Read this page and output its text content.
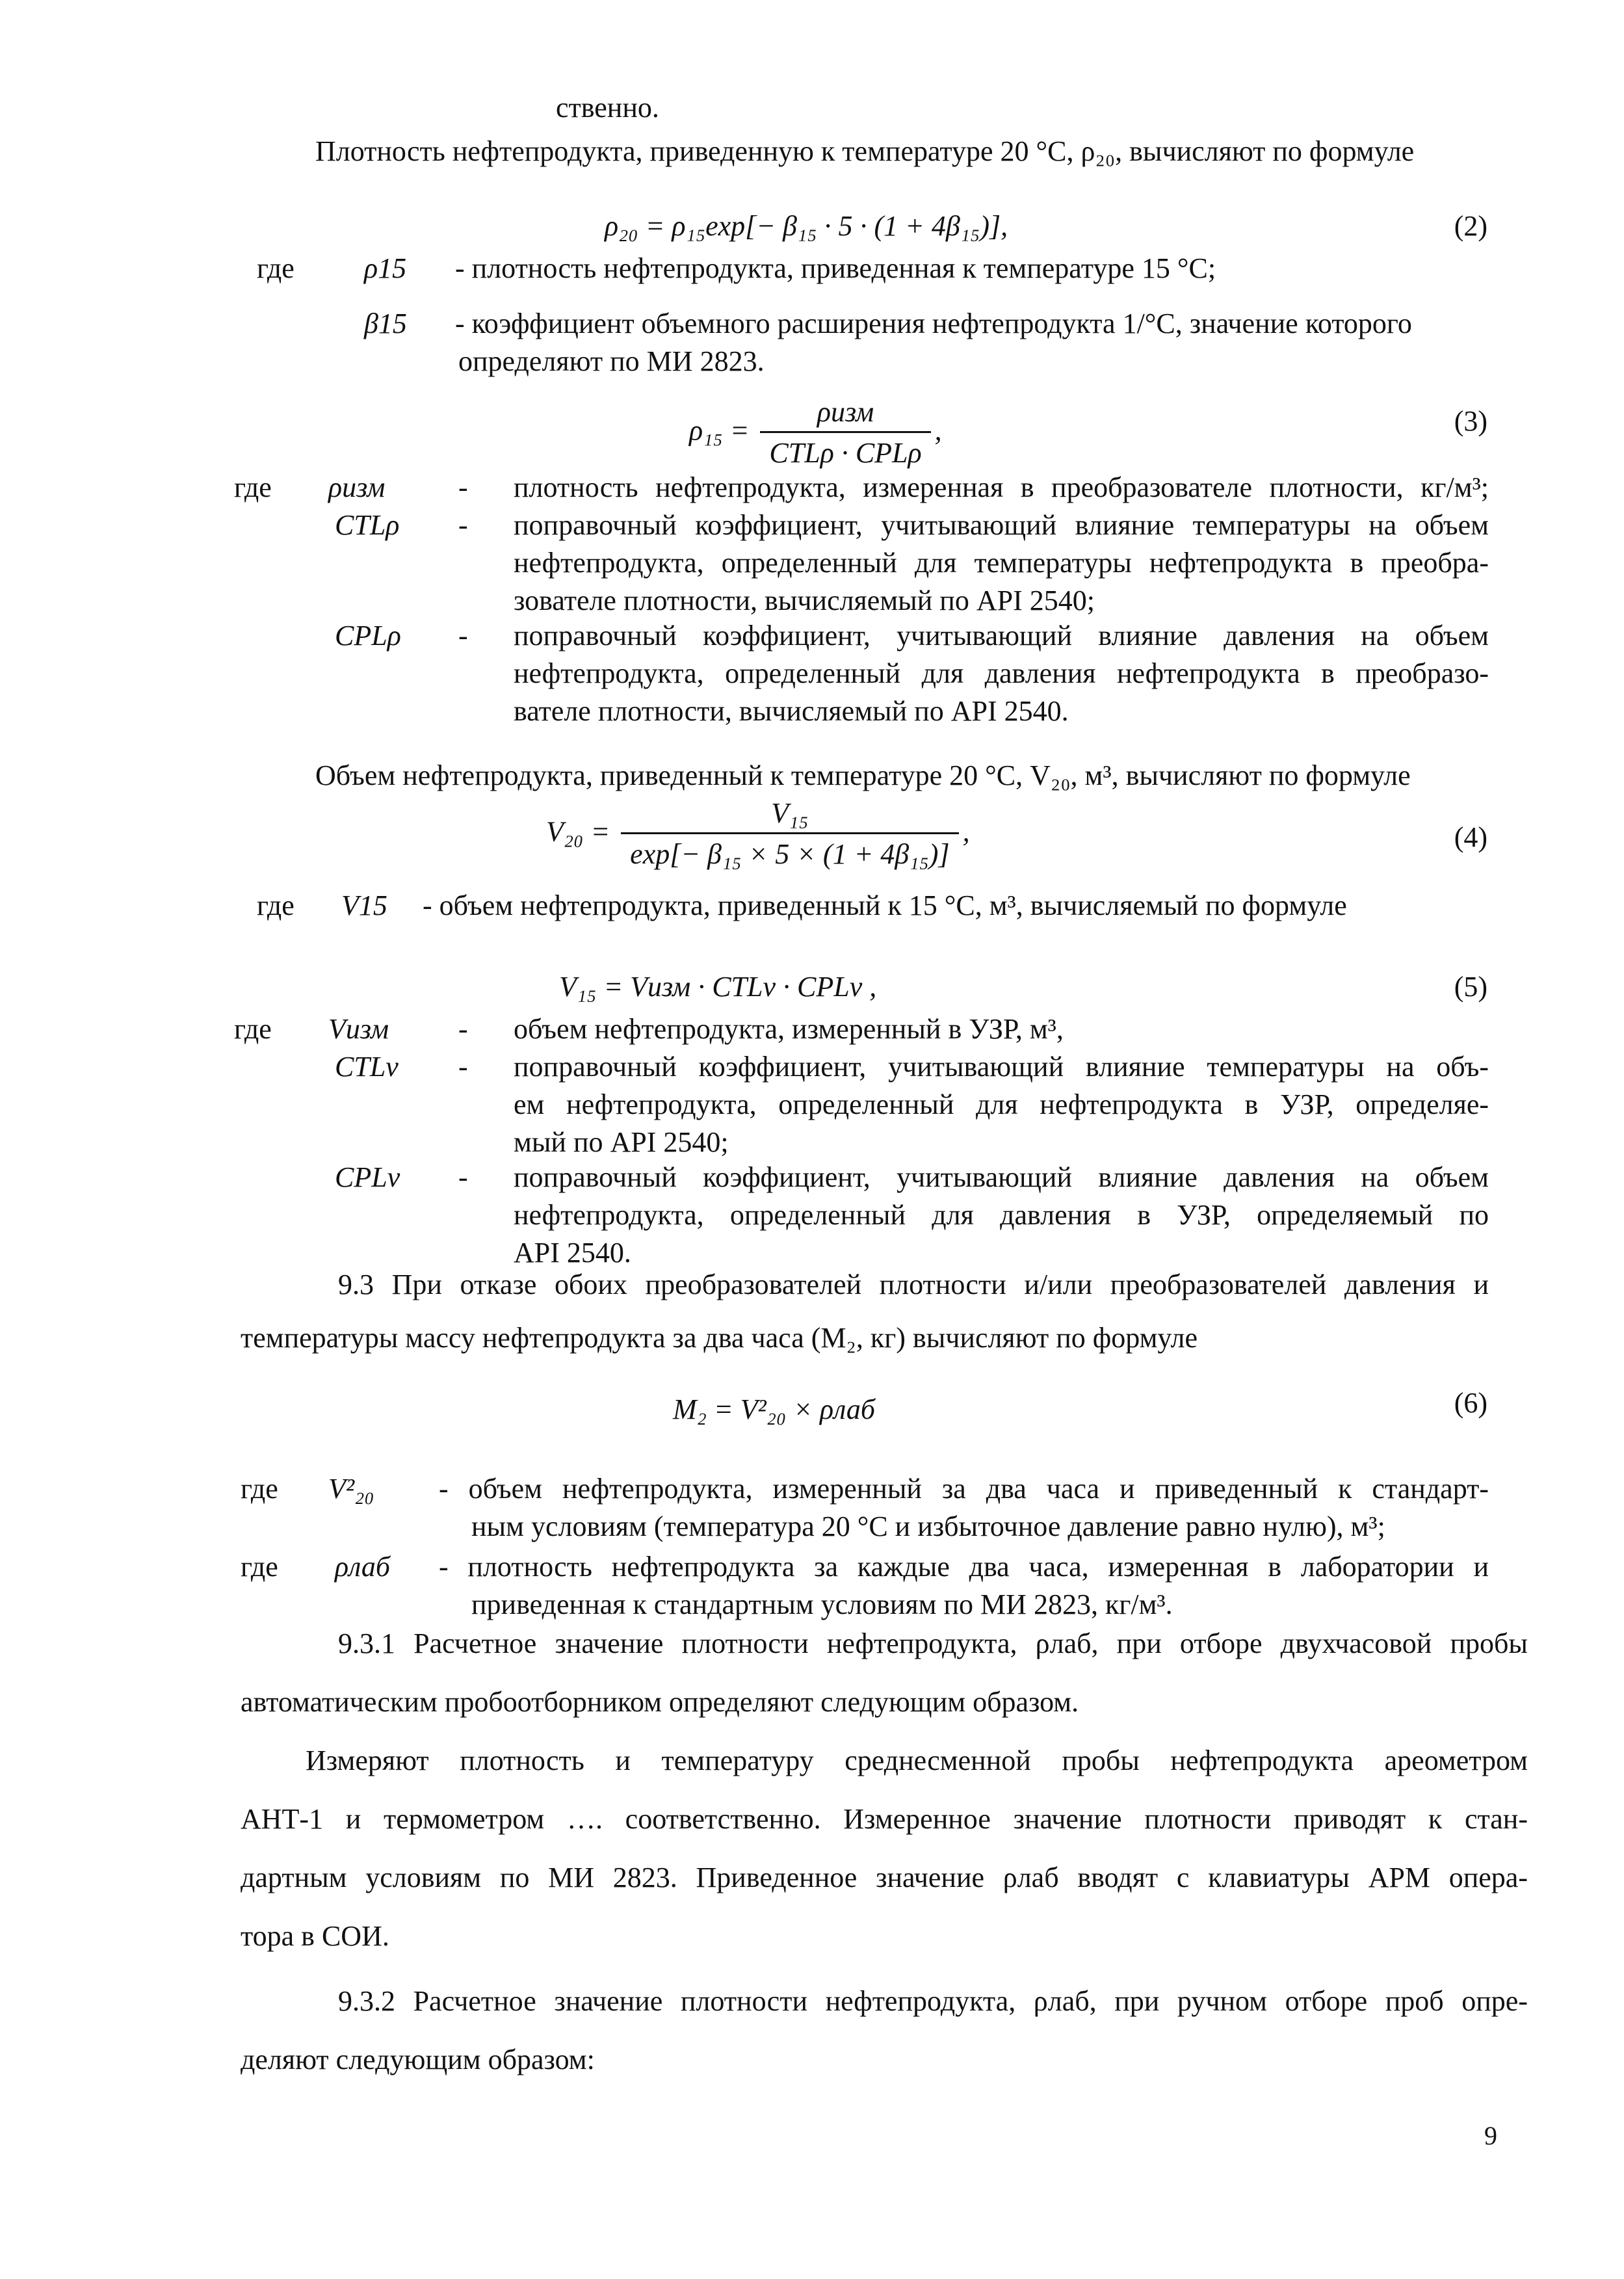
ственно.
Плотность нефтепродукта, приведенную к температуре 20 °С, ρ₂₀, вычисляют по формуле
ρ₂₀ = ρ₁₅exp[− β₁₅ · 5 · (1 + 4β₁₅)],	(2)
где ρ15 - плотность нефтепродукта, приведенная к температуре 15 °С;
β15 - коэффициент объемного расширения нефтепродукта 1/°С, значение которого
определяют по МИ 2823.
$\rho_{15} = \frac{\text{ρизм}}{\text{CTLρ · CPLρ}}$ ,	(3)
где ρизм	- плотность нефтепродукта, измеренная в преобразователе плотности, кг/м³;
CTLρ - поправочный коэффициент, учитывающий влияние температуры на объем
нефтепродукта, определенный для температуры нефтепродукта в преобра-
зователе плотности, вычисляемый по API 2540;
CPLρ - поправочный коэффициент, учитывающий влияние давления на объем
нефтепродукта, определенный для давления нефтепродукта в преобразо-
вателе плотности, вычисляемый по API 2540.
Объем нефтепродукта, приведенный к температуре 20 °С, V₂₀, м³, вычисляют по формуле
$V_{20} = \frac{\text{V₁₅}}{\text{exp[− β₁₅ × 5 × (1 + 4β₁₅)]}}$ ,	(4)
где V15 - объем нефтепродукта, приведенный к 15 °С, м³, вычисляемый по формуле
V₁₅ = Vизм · CTLv · CPLv ,	(5)
где Vизм - объем нефтепродукта, измеренный в УЗР, м³,
CTLv - поправочный коэффициент, учитывающий влияние температуры на объ-
ем нефтепродукта, определенный для нефтепродукта в УЗР, определяе-
мый по API 2540;
CPLv - поправочный коэффициент, учитывающий влияние давления на объем
нефтепродукта, определенный для давления в УЗР, определяемый по
API 2540.
9.3 При отказе обоих преобразователей плотности и/или преобразователей давления и
температуры массу нефтепродукта за два часа (M₂, кг) вычисляют по формуле
M₂ = V²₂₀ × ρлаб	(6)
где V²₂₀ - объем нефтепродукта, измеренный за два часа и приведенный к стандарт-
ным условиям (температура 20 °С и избыточное давление равно нулю), м³;
где ρлаб - плотность нефтепродукта за каждые два часа, измеренная в лаборатории и
приведенная к стандартным условиям по МИ 2823, кг/м³.
9.3.1 Расчетное значение плотности нефтепродукта, ρлаб, при отборе двухчасовой пробы
автоматическим пробоотборником определяют следующим образом.
Измеряют плотность и температуру среднесменной пробы нефтепродукта ареометром
АНТ-1 и термометром …. соответственно. Измеренное значение плотности приводят к стан-
дартным условиям по МИ 2823. Приведенное значение ρлаб вводят с клавиатуры АРМ опера-
тора в СОИ.
9.3.2 Расчетное значение плотности нефтепродукта, ρлаб, при ручном отборе проб опре-
деляют следующим образом:
9
